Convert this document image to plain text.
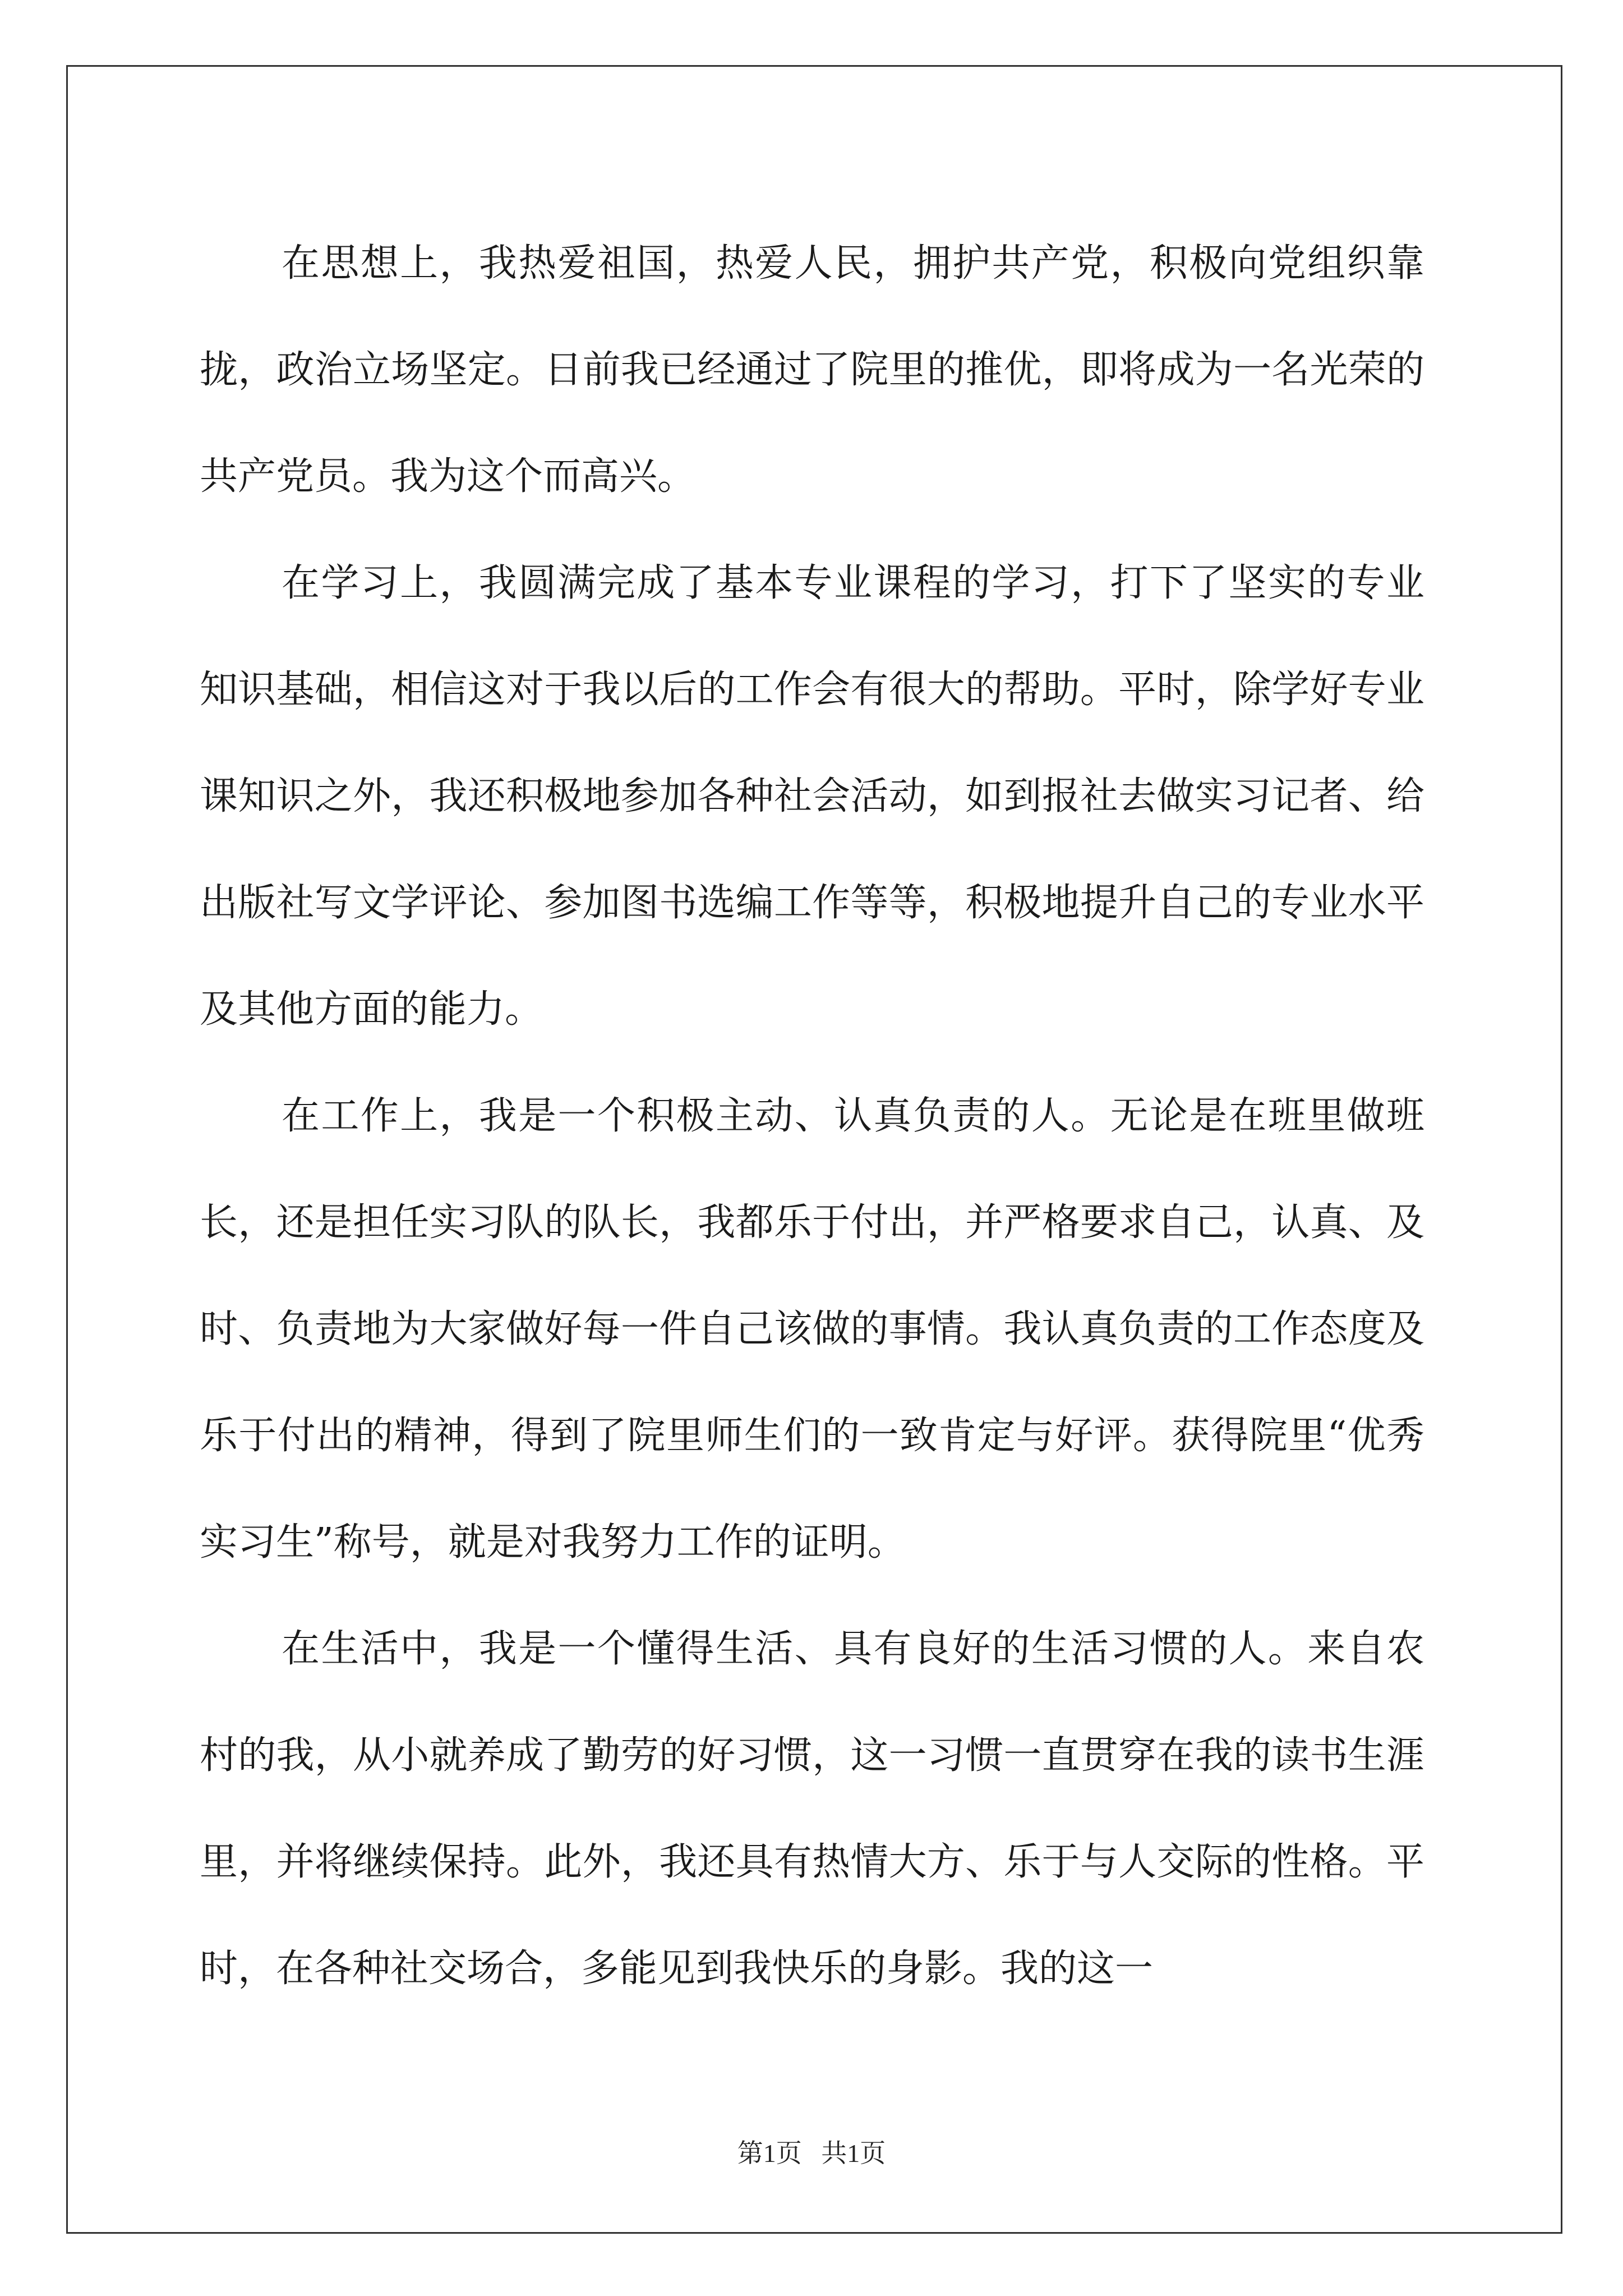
在思想上，我热爱祖国，热爱人民，拥护共产党，积极向党组织靠拢，政治立场坚定。日前我已经通过了院里的推优，即将成为一名光荣的共产党员。我为这个而高兴。

在学习上，我圆满完成了基本专业课程的学习，打下了坚实的专业知识基础，相信这对于我以后的工作会有很大的帮助。平时，除学好专业课知识之外，我还积极地参加各种社会活动，如到报社去做实习记者、给出版社写文学评论、参加图书选编工作等等，积极地提升自己的专业水平及其他方面的能力。

在工作上，我是一个积极主动、认真负责的人。无论是在班里做班长，还是担任实习队的队长，我都乐于付出，并严格要求自己，认真、及时、负责地为大家做好每一件自己该做的事情。我认真负责的工作态度及乐于付出的精神，得到了院里师生们的一致肯定与好评。获得院里“优秀实习生”称号，就是对我努力工作的证明。

在生活中，我是一个懂得生活、具有良好的生活习惯的人。来自农村的我，从小就养成了勤劳的好习惯，这一习惯一直贯穿在我的读书生涯里，并将继续保持。此外，我还具有热情大方、乐于与人交际的性格。平时，在各种社交场合，多能见到我快乐的身影。我的这一

第1页 共1页
